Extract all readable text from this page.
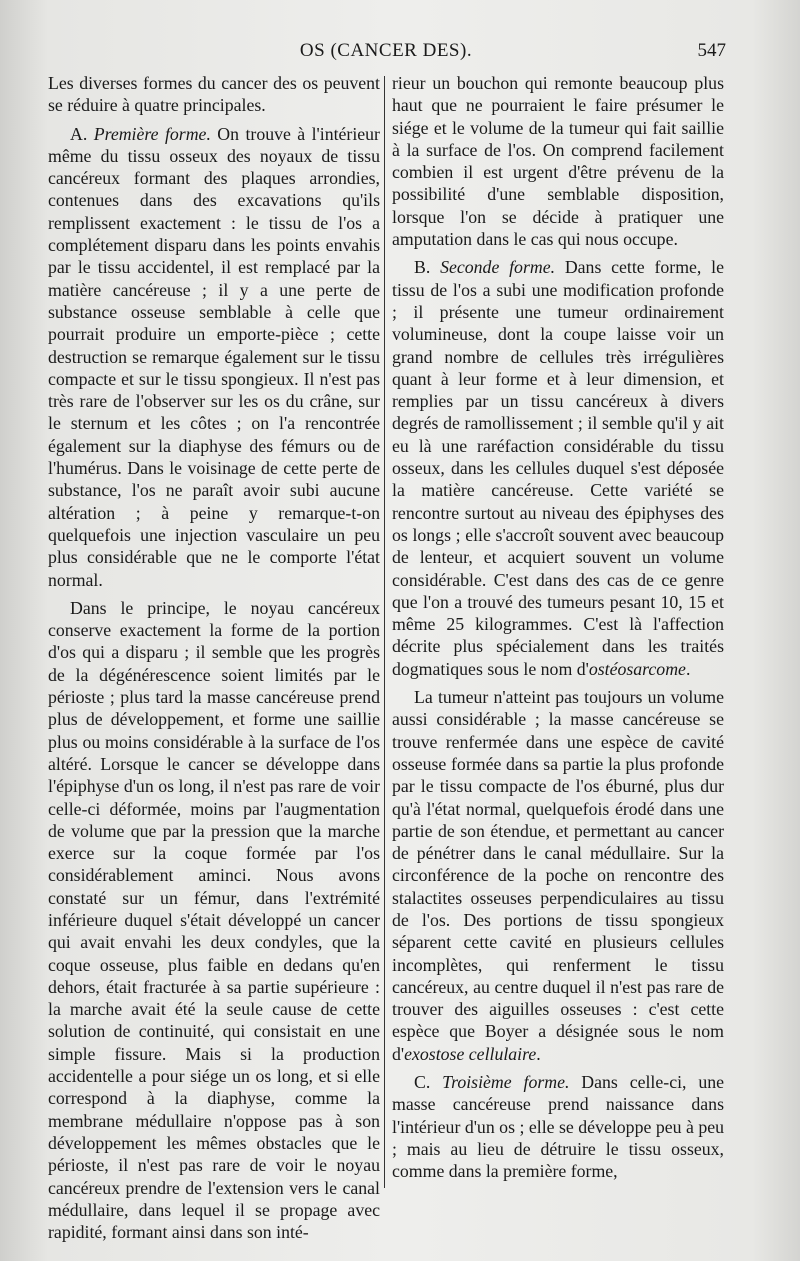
OS (CANCER DES).	547

Les diverses formes du cancer des os peuvent se réduire à quatre principales.

A. Première forme. On trouve à l'intérieur même du tissu osseux des noyaux de tissu cancéreux formant des plaques arrondies, contenues dans des excavations qu'ils remplissent exactement : le tissu de l'os a complétement disparu dans les points envahis par le tissu accidentel, il est remplacé par la matière cancéreuse ; il y a une perte de substance osseuse semblable à celle que pourrait produire un emporte-pièce ; cette destruction se remarque également sur le tissu compacte et sur le tissu spongieux. Il n'est pas très rare de l'observer sur les os du crâne, sur le sternum et les côtes ; on l'a rencontrée également sur la diaphyse des fémurs ou de l'humérus. Dans le voisinage de cette perte de substance, l'os ne paraît avoir subi aucune altération ; à peine y remarque-t-on quelquefois une injection vasculaire un peu plus considérable que ne le comporte l'état normal.

Dans le principe, le noyau cancéreux conserve exactement la forme de la portion d'os qui a disparu ; il semble que les progrès de la dégénérescence soient limités par le périoste ; plus tard la masse cancéreuse prend plus de développement, et forme une saillie plus ou moins considérable à la surface de l'os altéré. Lorsque le cancer se développe dans l'épiphyse d'un os long, il n'est pas rare de voir celle-ci déformée, moins par l'augmentation de volume que par la pression que la marche exerce sur la coque formée par l'os considérablement aminci. Nous avons constaté sur un fémur, dans l'extrémité inférieure duquel s'était développé un cancer qui avait envahi les deux condyles, que la coque osseuse, plus faible en dedans qu'en dehors, était fracturée à sa partie supérieure : la marche avait été la seule cause de cette solution de continuité, qui consistait en une simple fissure. Mais si la production accidentelle a pour siége un os long, et si elle correspond à la diaphyse, comme la membrane médullaire n'oppose pas à son développement les mêmes obstacles que le périoste, il n'est pas rare de voir le noyau cancéreux prendre de l'extension vers le canal médullaire, dans lequel il se propage avec rapidité, formant ainsi dans son inté-

rieur un bouchon qui remonte beaucoup plus haut que ne pourraient le faire présumer le siége et le volume de la tumeur qui fait saillie à la surface de l'os. On comprend facilement combien il est urgent d'être prévenu de la possibilité d'une semblable disposition, lorsque l'on se décide à pratiquer une amputation dans le cas qui nous occupe.

B. Seconde forme. Dans cette forme, le tissu de l'os a subi une modification profonde ; il présente une tumeur ordinairement volumineuse, dont la coupe laisse voir un grand nombre de cellules très irrégulières quant à leur forme et à leur dimension, et remplies par un tissu cancéreux à divers degrés de ramollissement ; il semble qu'il y ait eu là une raréfaction considérable du tissu osseux, dans les cellules duquel s'est déposée la matière cancéreuse. Cette variété se rencontre surtout au niveau des épiphyses des os longs ; elle s'accroît souvent avec beaucoup de lenteur, et acquiert souvent un volume considérable. C'est dans des cas de ce genre que l'on a trouvé des tumeurs pesant 10, 15 et même 25 kilogrammes. C'est là l'affection décrite plus spécialement dans les traités dogmatiques sous le nom d'ostéosarcome.

La tumeur n'atteint pas toujours un volume aussi considérable ; la masse cancéreuse se trouve renfermée dans une espèce de cavité osseuse formée dans sa partie la plus profonde par le tissu compacte de l'os éburné, plus dur qu'à l'état normal, quelquefois érodé dans une partie de son étendue, et permettant au cancer de pénétrer dans le canal médullaire. Sur la circonférence de la poche on rencontre des stalactites osseuses perpendiculaires au tissu de l'os. Des portions de tissu spongieux séparent cette cavité en plusieurs cellules incomplètes, qui renferment le tissu cancéreux, au centre duquel il n'est pas rare de trouver des aiguilles osseuses : c'est cette espèce que Boyer a désignée sous le nom d'exostose cellulaire.

C. Troisième forme. Dans celle-ci, une masse cancéreuse prend naissance dans l'intérieur d'un os ; elle se développe peu à peu ; mais au lieu de détruire le tissu osseux, comme dans la première forme,
